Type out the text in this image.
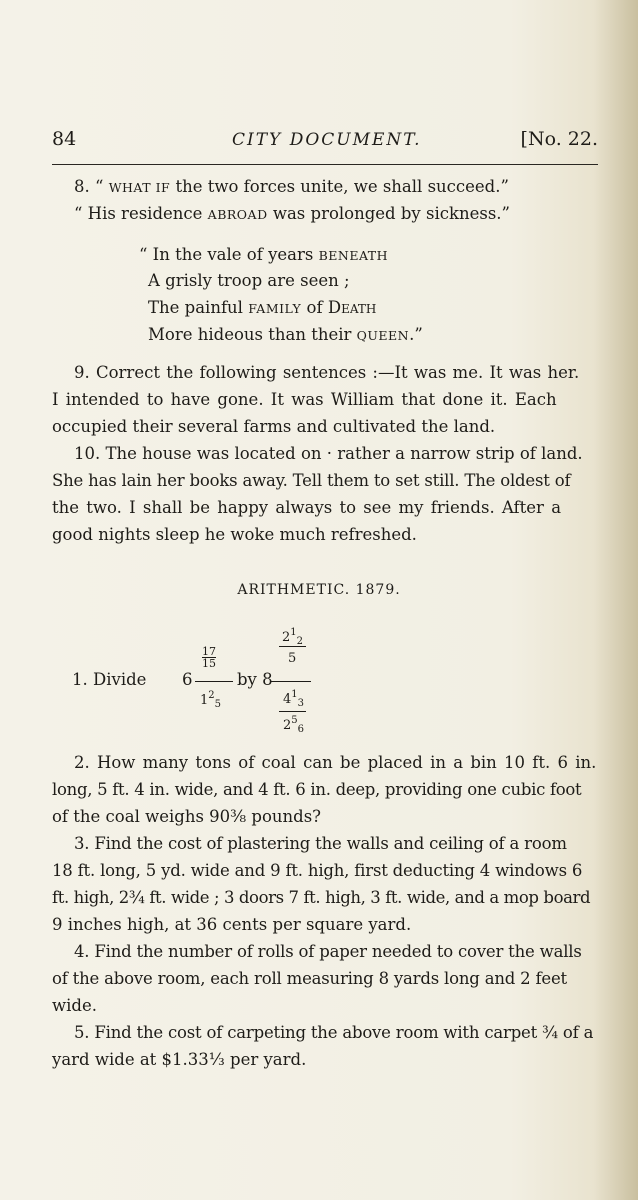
84	CITY DOCUMENT.	[No. 22.
8. “ WHAT IF the two forces unite, we shall succeed.”
“ His residence ABROAD was prolonged by sickness.”
“ In the vale of years BENEATH
A grisly troop are seen ;
The painful FAMILY of Death
More hideous than their QUEEN.”
9. Correct the following sentences :—It was me. It was her.
I intended to have gone. It was William that done it. Each
occupied their several farms and cultivated the land.
10. The house was located on · rather a narrow strip of land.
She has lain her books away. Tell them to set still. The oldest of
the two. I shall be happy always to see my friends. After a
good nights sleep he woke much refreshed.
ARITHMETIC. 1879.
1. Divide 6
$\frac{17}{15}$
$1^2_5$
by 8
$2^1_2$
5
$4^1_3$
$2^5_6$
2. How many tons of coal can be placed in a bin 10 ft. 6 in.
long, 5 ft. 4 in. wide, and 4 ft. 6 in. deep, providing one cubic foot
of the coal weighs 90⅜ pounds?
3. Find the cost of plastering the walls and ceiling of a room
18 ft. long, 5 yd. wide and 9 ft. high, first deducting 4 windows 6
ft. high, 2¾ ft. wide ; 3 doors 7 ft. high, 3 ft. wide, and a mop board
9 inches high, at 36 cents per square yard.
4. Find the number of rolls of paper needed to cover the walls
of the above room, each roll measuring 8 yards long and 2 feet
wide.
5. Find the cost of carpeting the above room with carpet ¾ of a
yard wide at $1.33⅓ per yard.
